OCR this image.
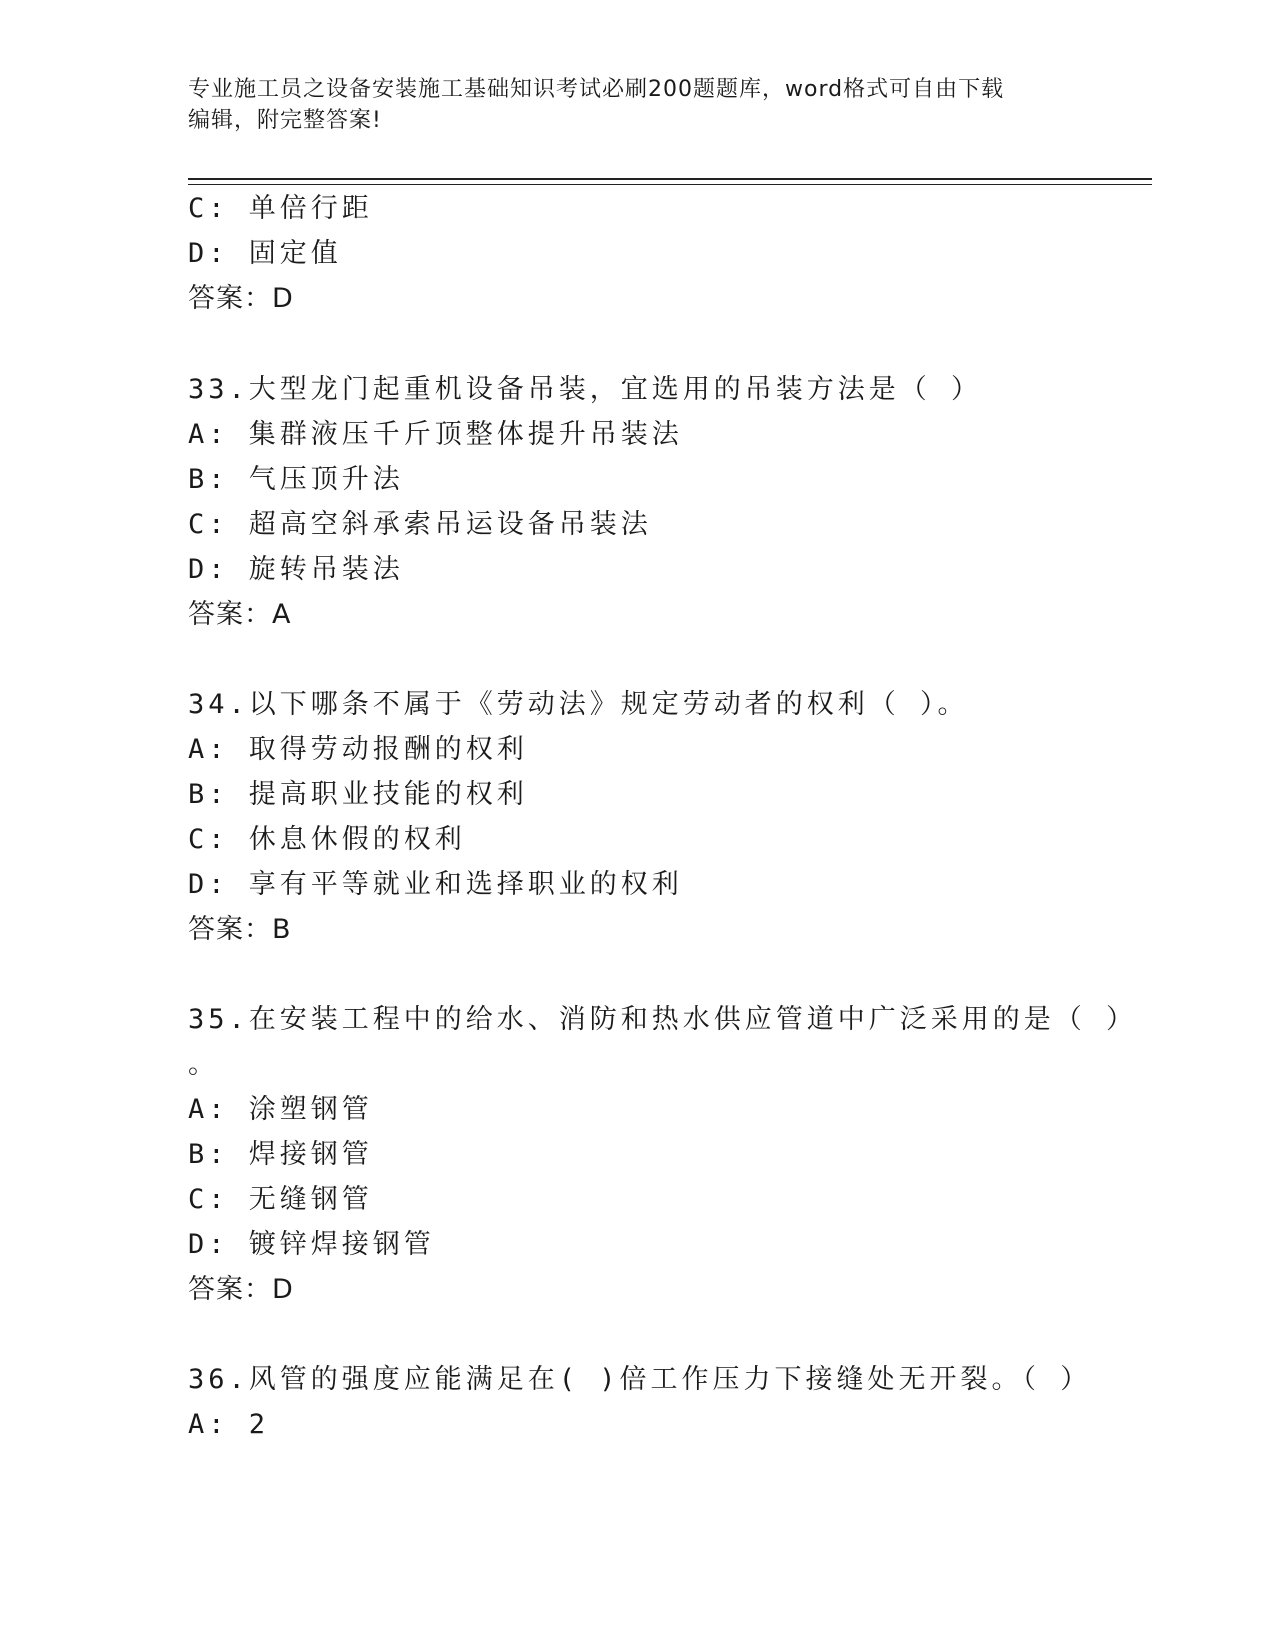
专业施工员之设备安装施工基础知识考试必刷200题题库，word格式可自由下载
编辑，附完整答案!
C: 单倍行距
D: 固定值
答案：D
33.大型龙门起重机设备吊装，宜选用的吊装方法是（ ）
A: 集群液压千斤顶整体提升吊装法
B: 气压顶升法
C: 超高空斜承索吊运设备吊装法
D: 旋转吊装法
答案：A
34.以下哪条不属于《劳动法》规定劳动者的权利（ ）。
A: 取得劳动报酬的权利
B: 提高职业技能的权利
C: 休息休假的权利
D: 享有平等就业和选择职业的权利
答案：B
35.在安装工程中的给水、消防和热水供应管道中广泛采用的是（ ）
。
A: 涂塑钢管
B: 焊接钢管
C: 无缝钢管
D: 镀锌焊接钢管
答案：D
36.风管的强度应能满足在( )倍工作压力下接缝处无开裂。（ ）
A: 2
